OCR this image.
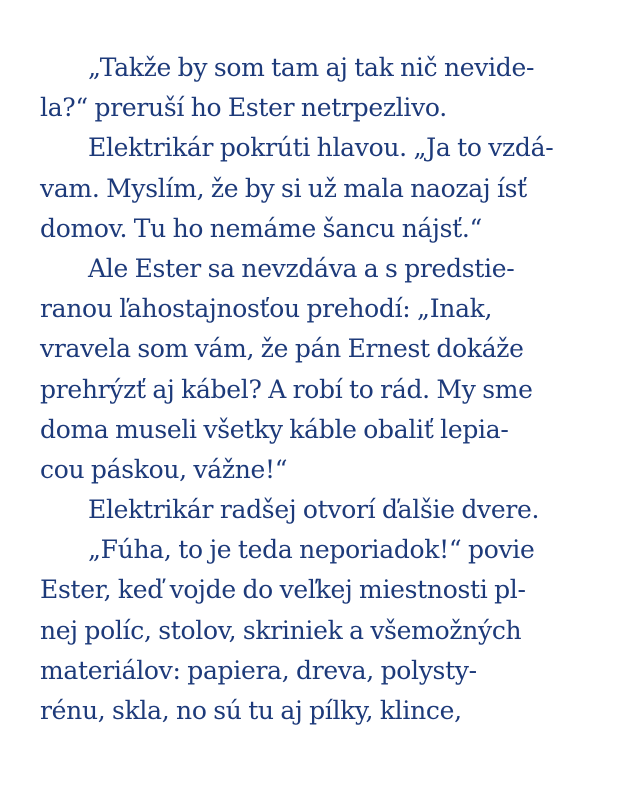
„Takže by som tam aj tak nič nevide-
la?“ preruší ho Ester netrpezlivo.
Elektrikár pokrúti hlavou. „Ja to vzdá-
vam. Myslím, že by si už mala naozaj ísť
domov. Tu ho nemáme šancu nájsť.“
Ale Ester sa nevzdáva a s predstie-
ranou ľahostajnosťou prehodí: „Inak,
vravela som vám, že pán Ernest dokáže
prehrýzť aj kábel? A robí to rád. My sme
doma museli všetky káble obaliť lepia-
cou páskou, vážne!“
Elektrikár radšej otvorí ďalšie dvere.
„Fúha, to je teda neporiadok!“ povie
Ester, keď vojde do veľkej miestnosti pl-
nej políc, stolov, skriniek a všemožných
materiálov: papiera, dreva, polysty-
rénu, skla, no sú tu aj pílky, klince,
